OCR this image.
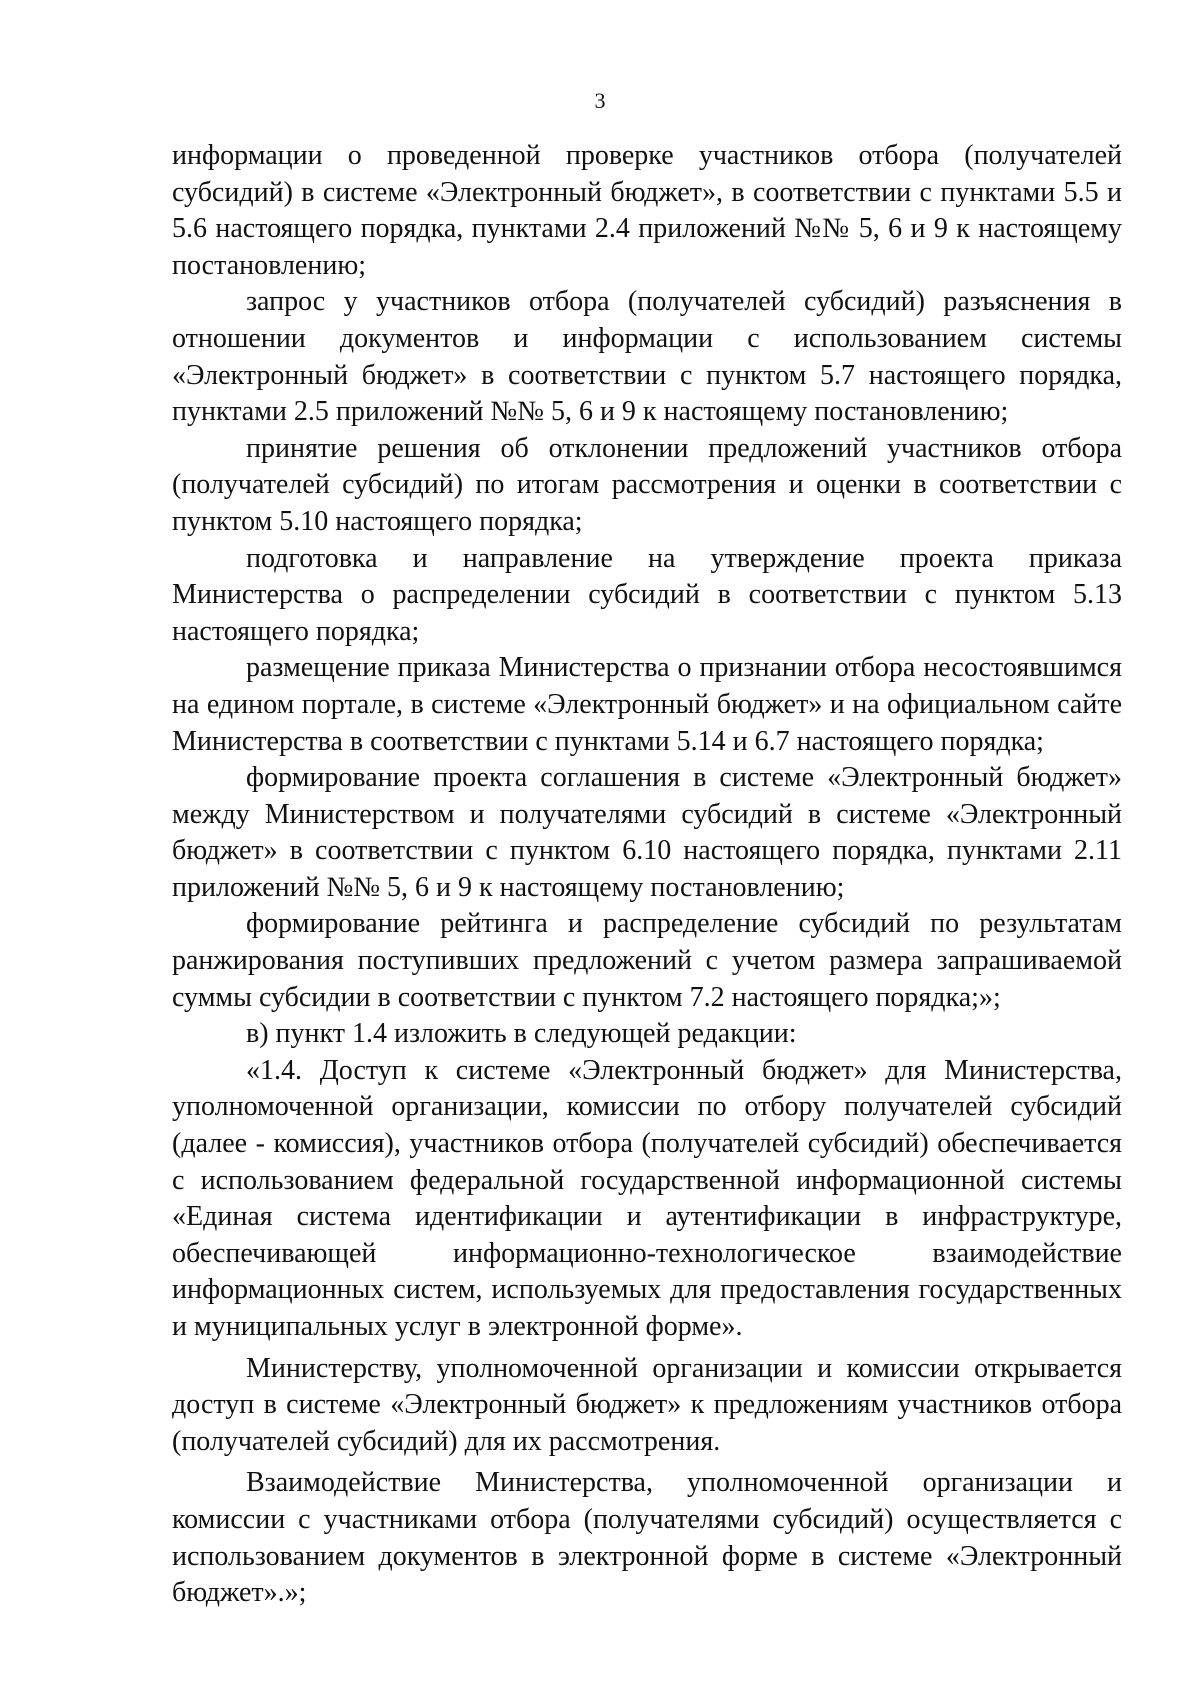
3

информации о проведенной проверке участников отбора (получателей субсидий) в системе «Электронный бюджет», в соответствии с пунктами 5.5 и 5.6 настоящего порядка, пунктами 2.4 приложений №№ 5, 6 и 9 к настоящему постановлению;

запрос у участников отбора (получателей субсидий) разъяснения в отношении документов и информации с использованием системы «Электронный бюджет» в соответствии с пунктом 5.7 настоящего порядка, пунктами 2.5 приложений №№ 5, 6 и 9 к настоящему постановлению;

принятие решения об отклонении предложений участников отбора (получателей субсидий) по итогам рассмотрения и оценки в соответствии с пунктом 5.10 настоящего порядка;

подготовка и направление на утверждение проекта приказа Министерства о распределении субсидий в соответствии с пунктом 5.13 настоящего порядка;

размещение приказа Министерства о признании отбора несостоявшимся на едином портале, в системе «Электронный бюджет» и на официальном сайте Министерства в соответствии с пунктами 5.14 и 6.7 настоящего порядка;

формирование проекта соглашения в системе «Электронный бюджет» между Министерством и получателями субсидий в системе «Электронный бюджет» в соответствии с пунктом 6.10 настоящего порядка, пунктами 2.11 приложений №№ 5, 6 и 9 к настоящему постановлению;

формирование рейтинга и распределение субсидий по результатам ранжирования поступивших предложений с учетом размера запрашиваемой суммы субсидии в соответствии с пунктом 7.2 настоящего порядка;»;

в) пункт 1.4 изложить в следующей редакции:

«1.4. Доступ к системе «Электронный бюджет» для Министерства, уполномоченной организации, комиссии по отбору получателей субсидий (далее - комиссия), участников отбора (получателей субсидий) обеспечивается с использованием федеральной государственной информационной системы «Единая система идентификации и аутентификации в инфраструктуре, обеспечивающей информационно-технологическое взаимодействие информационных систем, используемых для предоставления государственных и муниципальных услуг в электронной форме».

Министерству, уполномоченной организации и комиссии открывается доступ в системе «Электронный бюджет» к предложениям участников отбора (получателей субсидий) для их рассмотрения.

Взаимодействие Министерства, уполномоченной организации и комиссии с участниками отбора (получателями субсидий) осуществляется с использованием документов в электронной форме в системе «Электронный бюджет».»;
